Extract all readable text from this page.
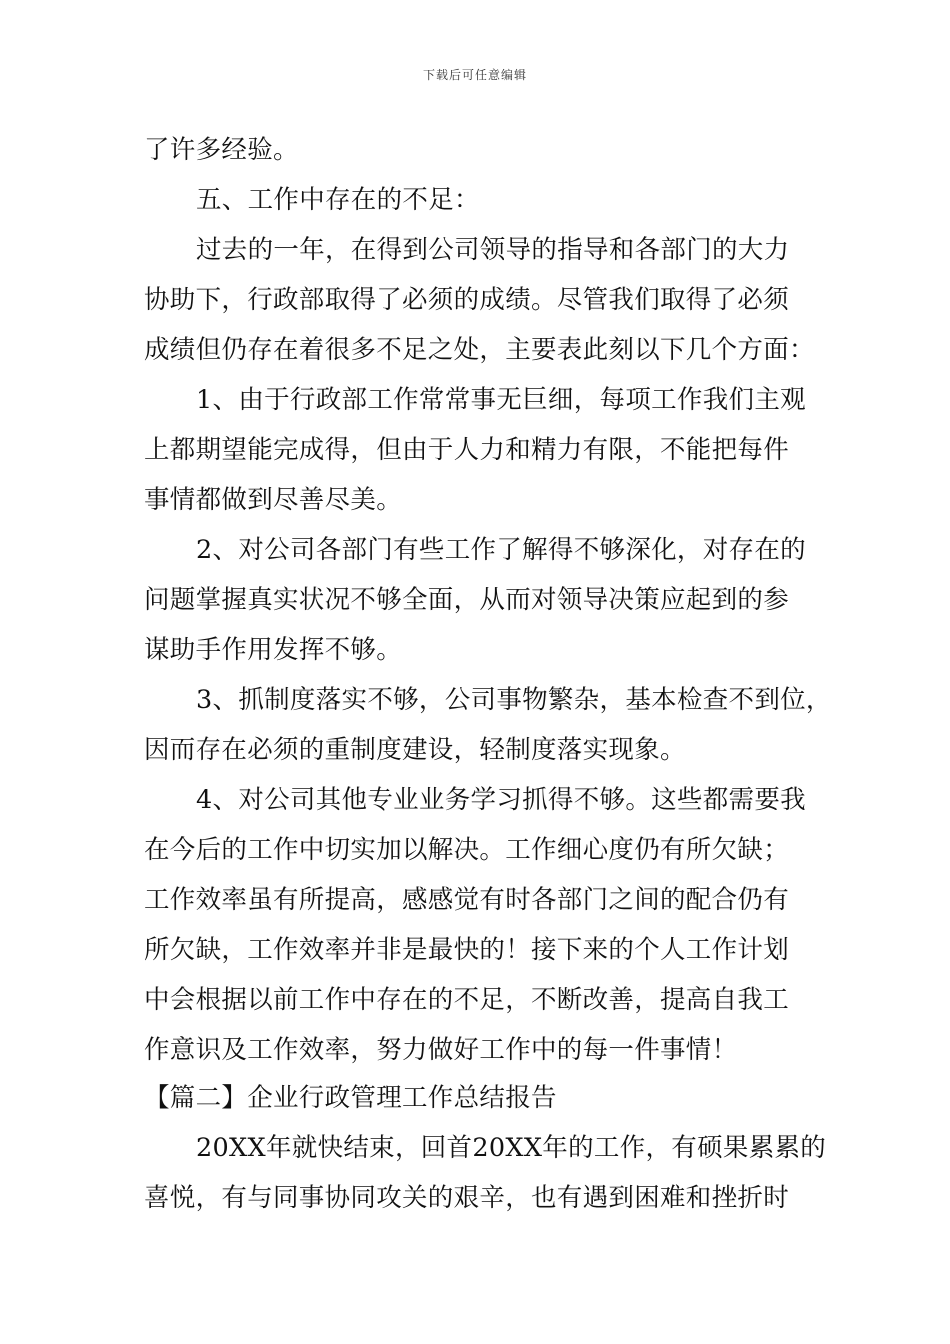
下载后可任意编辑
了许多经验。
五、工作中存在的不足：
过去的一年，在得到公司领导的指导和各部门的大力
协助下，行政部取得了必须的成绩。尽管我们取得了必须
成绩但仍存在着很多不足之处，主要表此刻以下几个方面：
1、由于行政部工作常常事无巨细，每项工作我们主观
上都期望能完成得，但由于人力和精力有限，不能把每件
事情都做到尽善尽美。
2、对公司各部门有些工作了解得不够深化，对存在的
问题掌握真实状况不够全面，从而对领导决策应起到的参
谋助手作用发挥不够。
3、抓制度落实不够，公司事物繁杂，基本检查不到位，
因而存在必须的重制度建设，轻制度落实现象。
4、对公司其他专业业务学习抓得不够。这些都需要我
在今后的工作中切实加以解决。工作细心度仍有所欠缺；
工作效率虽有所提高，感感觉有时各部门之间的配合仍有
所欠缺，工作效率并非是最快的！接下来的个人工作计划
中会根据以前工作中存在的不足，不断改善，提高自我工
作意识及工作效率，努力做好工作中的每一件事情！
【篇二】企业行政管理工作总结报告
20XX年就快结束，回首20XX年的工作，有硕果累累的
喜悦，有与同事协同攻关的艰辛，也有遇到困难和挫折时
